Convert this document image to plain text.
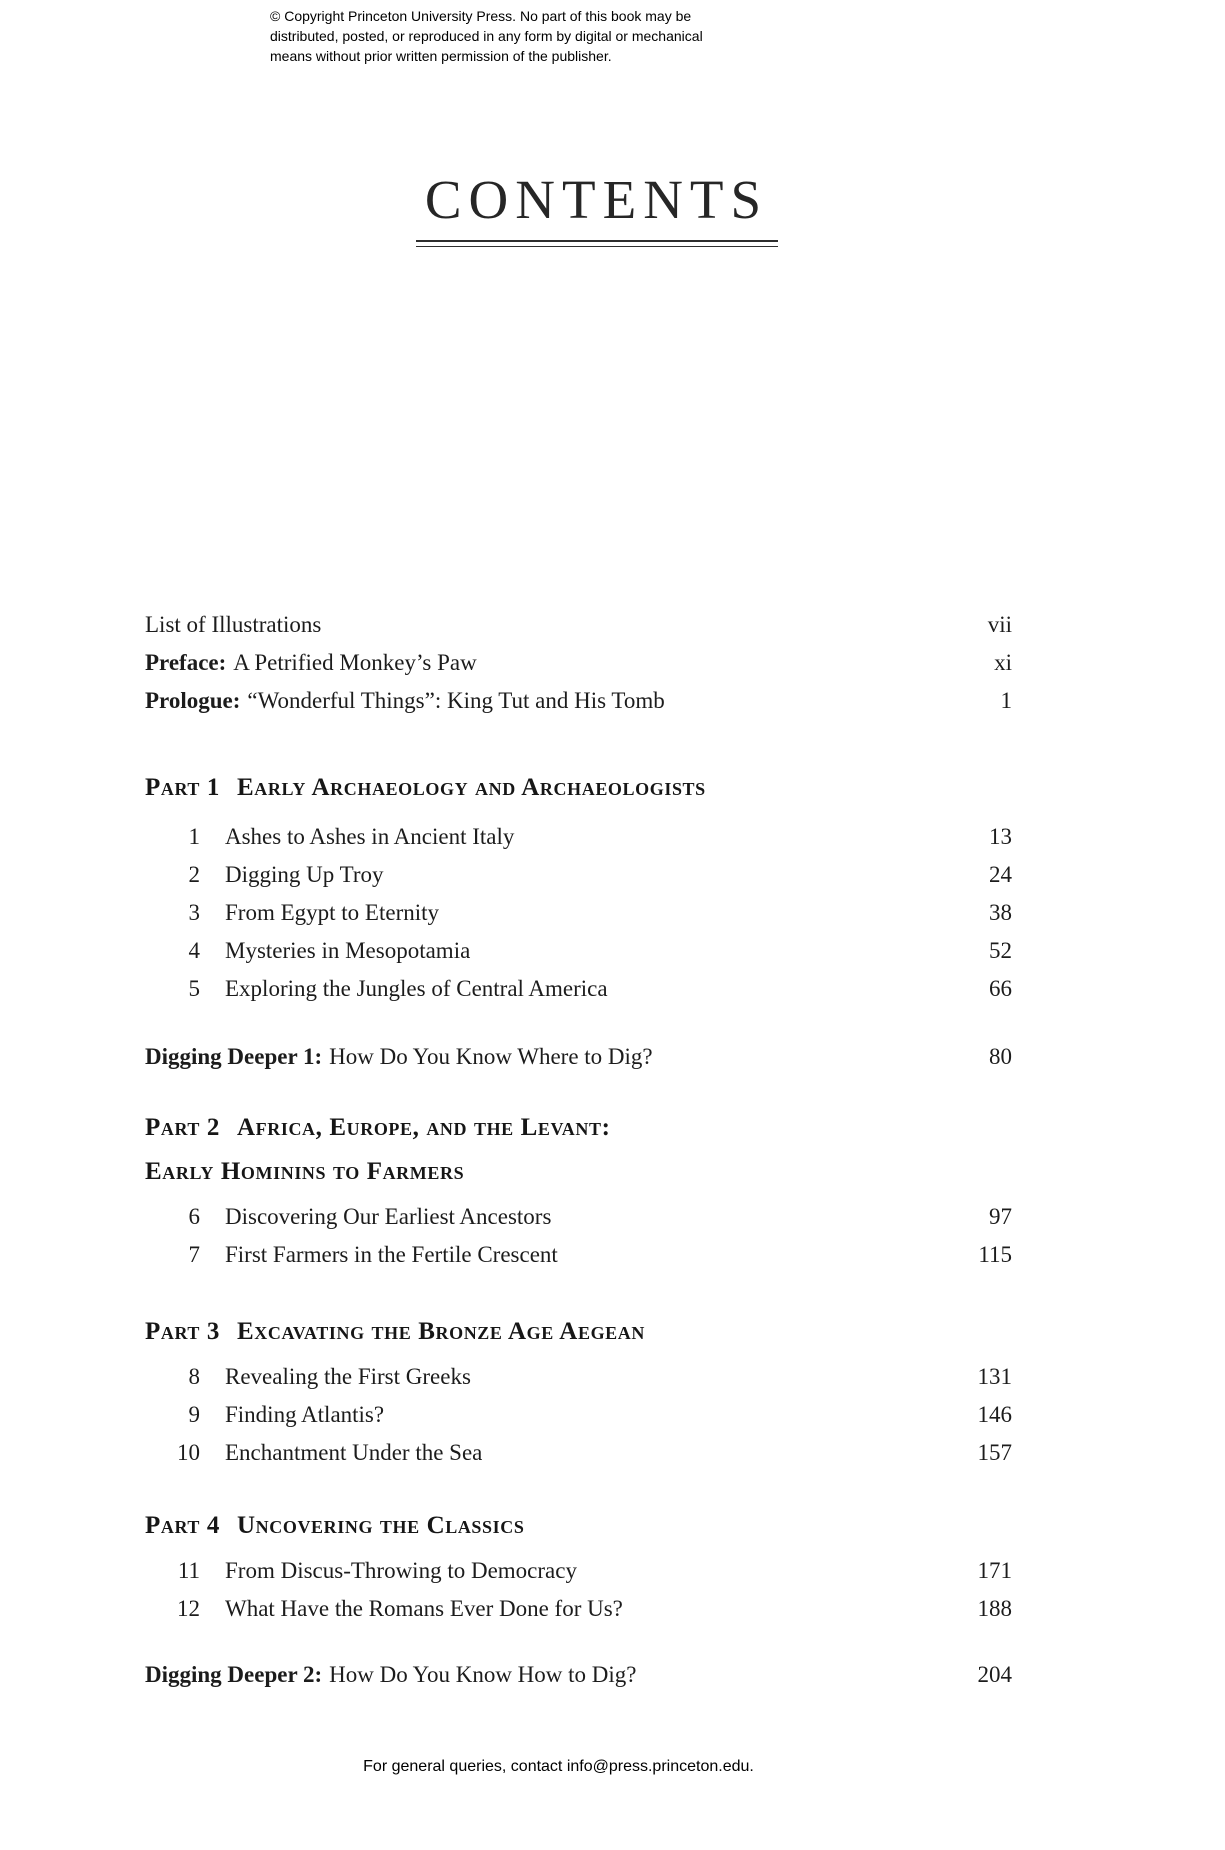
© Copyright Princeton University Press. No part of this book may be
distributed, posted, or reproduced in any form by digital or mechanical
means without prior written permission of the publisher.
CONTENTS
List of Illustrations	vii
Preface: A Petrified Monkey’s Paw	xi
Prologue: “Wonderful Things”: King Tut and His Tomb	1
Part 1 Early Archaeology and Archaeologists
1 Ashes to Ashes in Ancient Italy	13
2 Digging Up Troy	24
3 From Egypt to Eternity	38
4 Mysteries in Mesopotamia	52
5 Exploring the Jungles of Central America	66
Digging Deeper 1: How Do You Know Where to Dig?	80
Part 2 Africa, Europe, and the Levant:
Early Hominins to Farmers
6 Discovering Our Earliest Ancestors	97
7 First Farmers in the Fertile Crescent	115
Part 3 Excavating the Bronze Age Aegean
8 Revealing the First Greeks	131
9 Finding Atlantis?	146
10 Enchantment Under the Sea	157
Part 4 Uncovering the Classics
11 From Discus-Throwing to Democracy	171
12 What Have the Romans Ever Done for Us?	188
Digging Deeper 2: How Do You Know How to Dig?	204
For general queries, contact info@press.princeton.edu.
